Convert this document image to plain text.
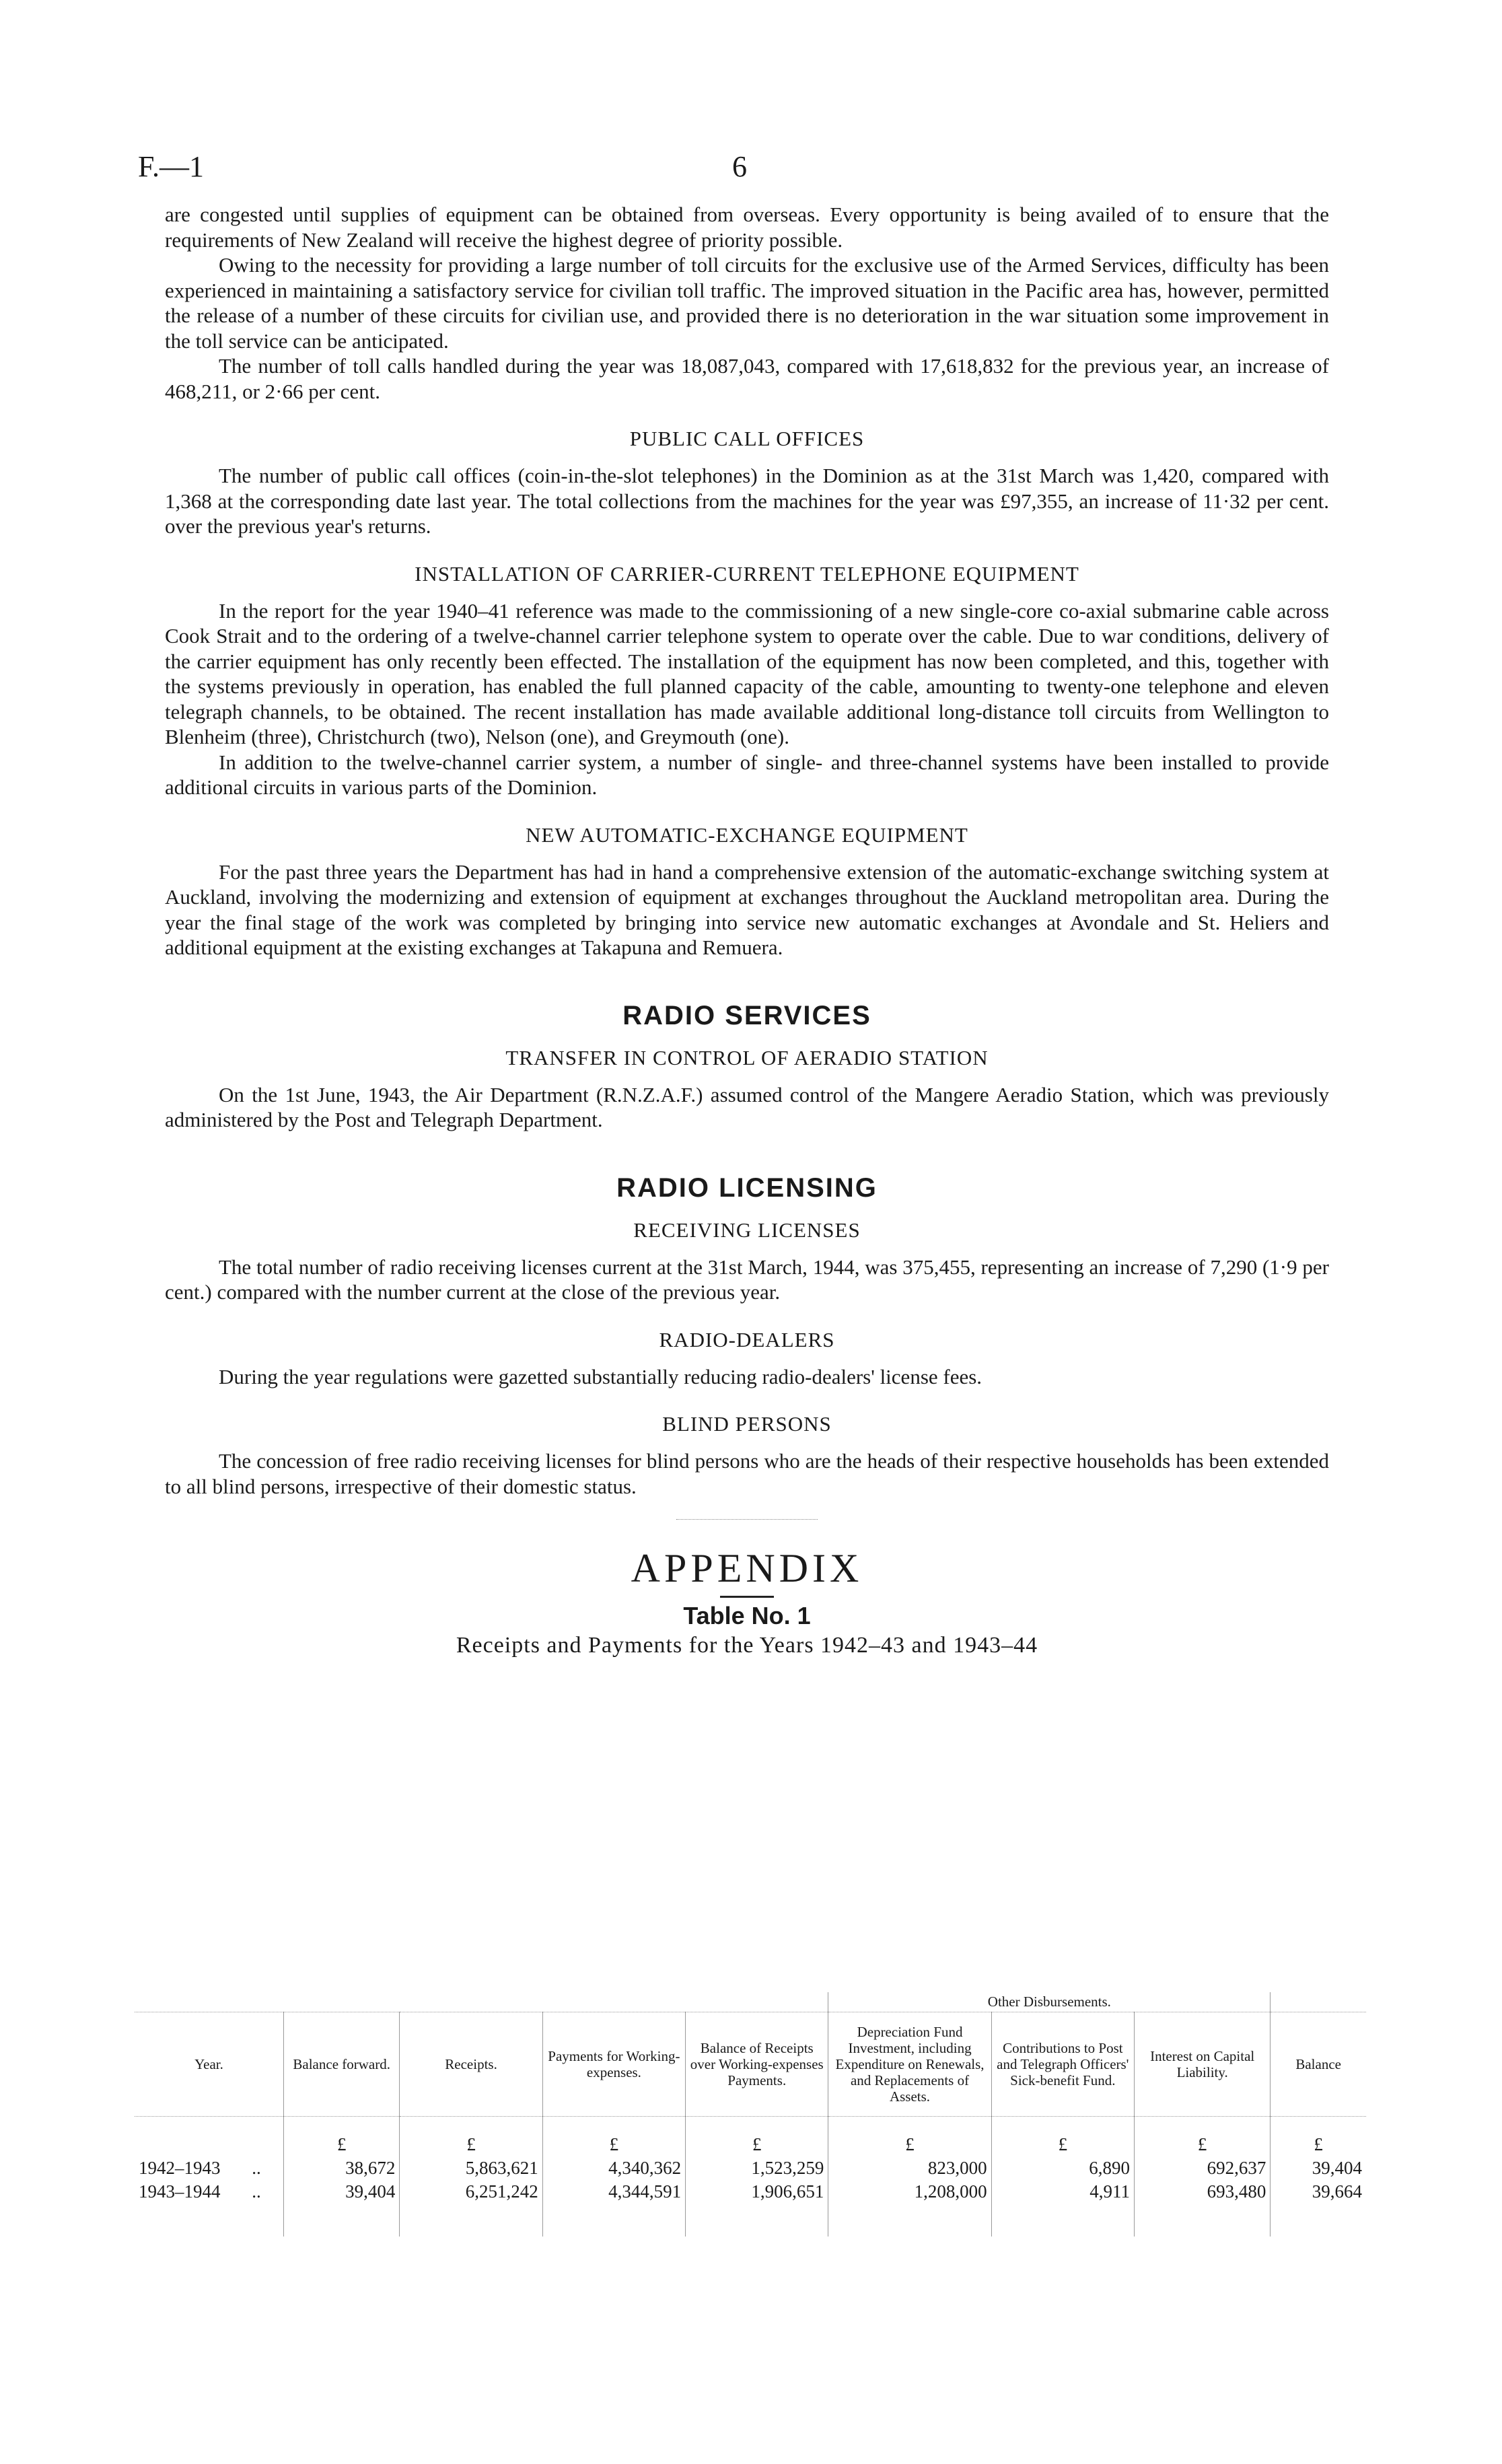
F.—1	6

are congested until supplies of equipment can be obtained from overseas. Every opportunity is being availed of to ensure that the requirements of New Zealand will receive the highest degree of priority possible.

Owing to the necessity for providing a large number of toll circuits for the exclusive use of the Armed Services, difficulty has been experienced in maintaining a satisfactory service for civilian toll traffic. The improved situation in the Pacific area has, however, permitted the release of a number of these circuits for civilian use, and provided there is no deterioration in the war situation some improvement in the toll service can be anticipated.

The number of toll calls handled during the year was 18,087,043, compared with 17,618,832 for the previous year, an increase of 468,211, or 2·66 per cent.

PUBLIC CALL OFFICES

The number of public call offices (coin-in-the-slot telephones) in the Dominion as at the 31st March was 1,420, compared with 1,368 at the corresponding date last year. The total collections from the machines for the year was £97,355, an increase of 11·32 per cent. over the previous year's returns.

INSTALLATION OF CARRIER-CURRENT TELEPHONE EQUIPMENT

In the report for the year 1940–41 reference was made to the commissioning of a new single-core co-axial submarine cable across Cook Strait and to the ordering of a twelve-channel carrier telephone system to operate over the cable. Due to war conditions, delivery of the carrier equipment has only recently been effected. The installation of the equipment has now been completed, and this, together with the systems previously in operation, has enabled the full planned capacity of the cable, amounting to twenty-one telephone and eleven telegraph channels, to be obtained. The recent installation has made available additional long-distance toll circuits from Wellington to Blenheim (three), Christchurch (two), Nelson (one), and Greymouth (one).

In addition to the twelve-channel carrier system, a number of single- and three-channel systems have been installed to provide additional circuits in various parts of the Dominion.

NEW AUTOMATIC-EXCHANGE EQUIPMENT

For the past three years the Department has had in hand a comprehensive extension of the automatic-exchange switching system at Auckland, involving the modernizing and extension of equipment at exchanges throughout the Auckland metropolitan area. During the year the final stage of the work was completed by bringing into service new automatic exchanges at Avondale and St. Heliers and additional equipment at the existing exchanges at Takapuna and Remuera.

RADIO SERVICES
TRANSFER IN CONTROL OF AERADIO STATION

On the 1st June, 1943, the Air Department (R.N.Z.A.F.) assumed control of the Mangere Aeradio Station, which was previously administered by the Post and Telegraph Department.

RADIO LICENSING
RECEIVING LICENSES

The total number of radio receiving licenses current at the 31st March, 1944, was 375,455, representing an increase of 7,290 (1·9 per cent.) compared with the number current at the close of the previous year.

RADIO-DEALERS

During the year regulations were gazetted substantially reducing radio-dealers' license fees.

BLIND PERSONS

The concession of free radio receiving licenses for blind persons who are the heads of their respective households has been extended to all blind persons, irrespective of their domestic status.

APPENDIX
Table No. 1
Receipts and Payments for the Years 1942–43 and 1943–44
					Other Disbursements.			
Year.	Balance forward.	Receipts.	Payments for Working-expenses.	Balance of Receipts over Working-expenses Payments.	Depreciation Fund Investment, including Expenditure on Renewals, and Replacements of Assets.	Contributions to Post and Telegraph Officers' Sick-benefit Fund.	Interest on Capital Liability.	Balance
	£	£	£	£	£	£	£	£
1942–1943 ..	38,672	5,863,621	4,340,362	1,523,259	823,000	6,890	692,637	39,404
1943–1944 ..	39,404	6,251,242	4,344,591	1,906,651	1,208,000	4,911	693,480	39,664
